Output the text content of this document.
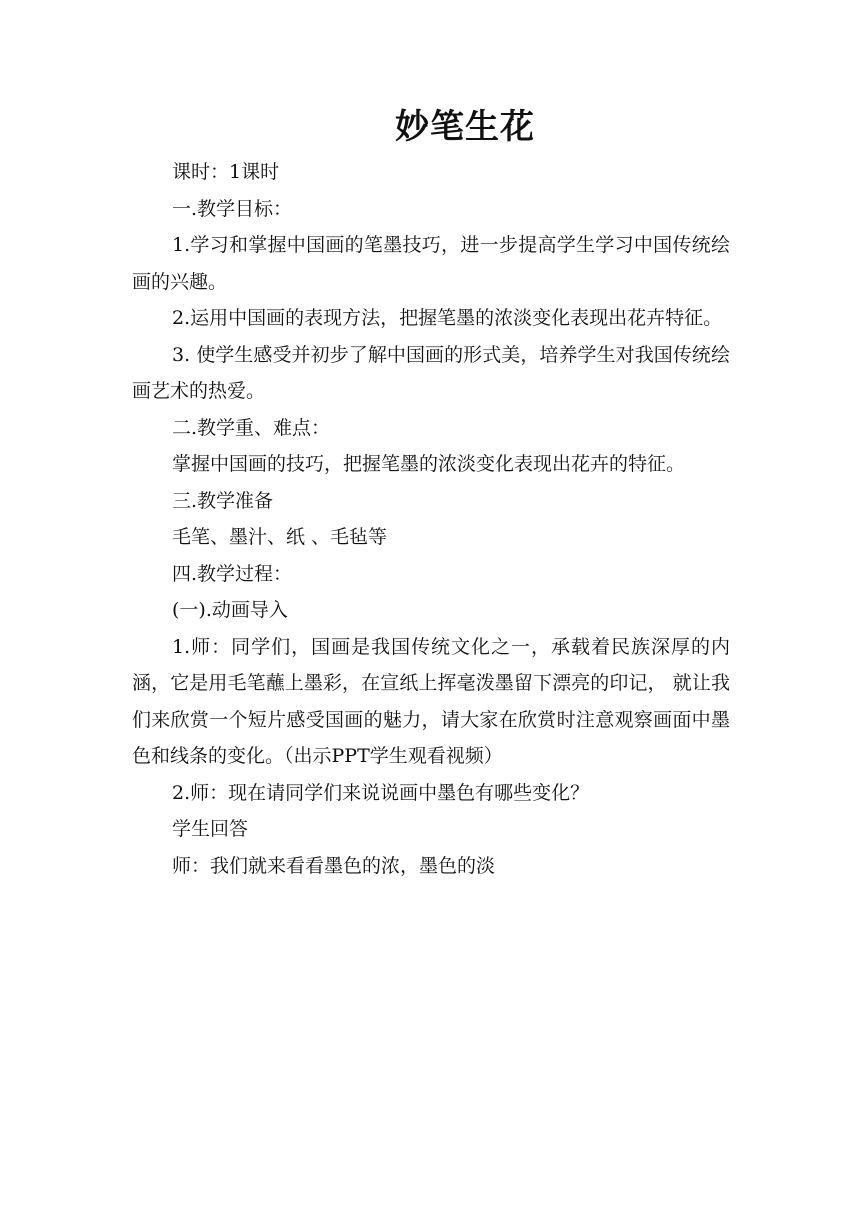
妙笔生花

课时：1课时

一.教学目标：

1.学习和掌握中国画的笔墨技巧，进一步提高学生学习中国传统绘画的兴趣。

2.运用中国画的表现方法，把握笔墨的浓淡变化表现出花卉特征。

3. 使学生感受并初步了解中国画的形式美，培养学生对我国传统绘画艺术的热爱。

二.教学重、难点：

掌握中国画的技巧，把握笔墨的浓淡变化表现出花卉的特征。

三.教学准备

毛笔、墨汁、纸 、毛毡等

四.教学过程：

(一).动画导入

1.师：同学们，国画是我国传统文化之一，承载着民族深厚的内涵，它是用毛笔蘸上墨彩，在宣纸上挥毫泼墨留下漂亮的印记， 就让我们来欣赏一个短片感受国画的魅力，请大家在欣赏时注意观察画面中墨色和线条的变化。（出示PPT学生观看视频）

2.师：现在请同学们来说说画中墨色有哪些变化？

学生回答

师：我们就来看看墨色的浓，墨色的淡
